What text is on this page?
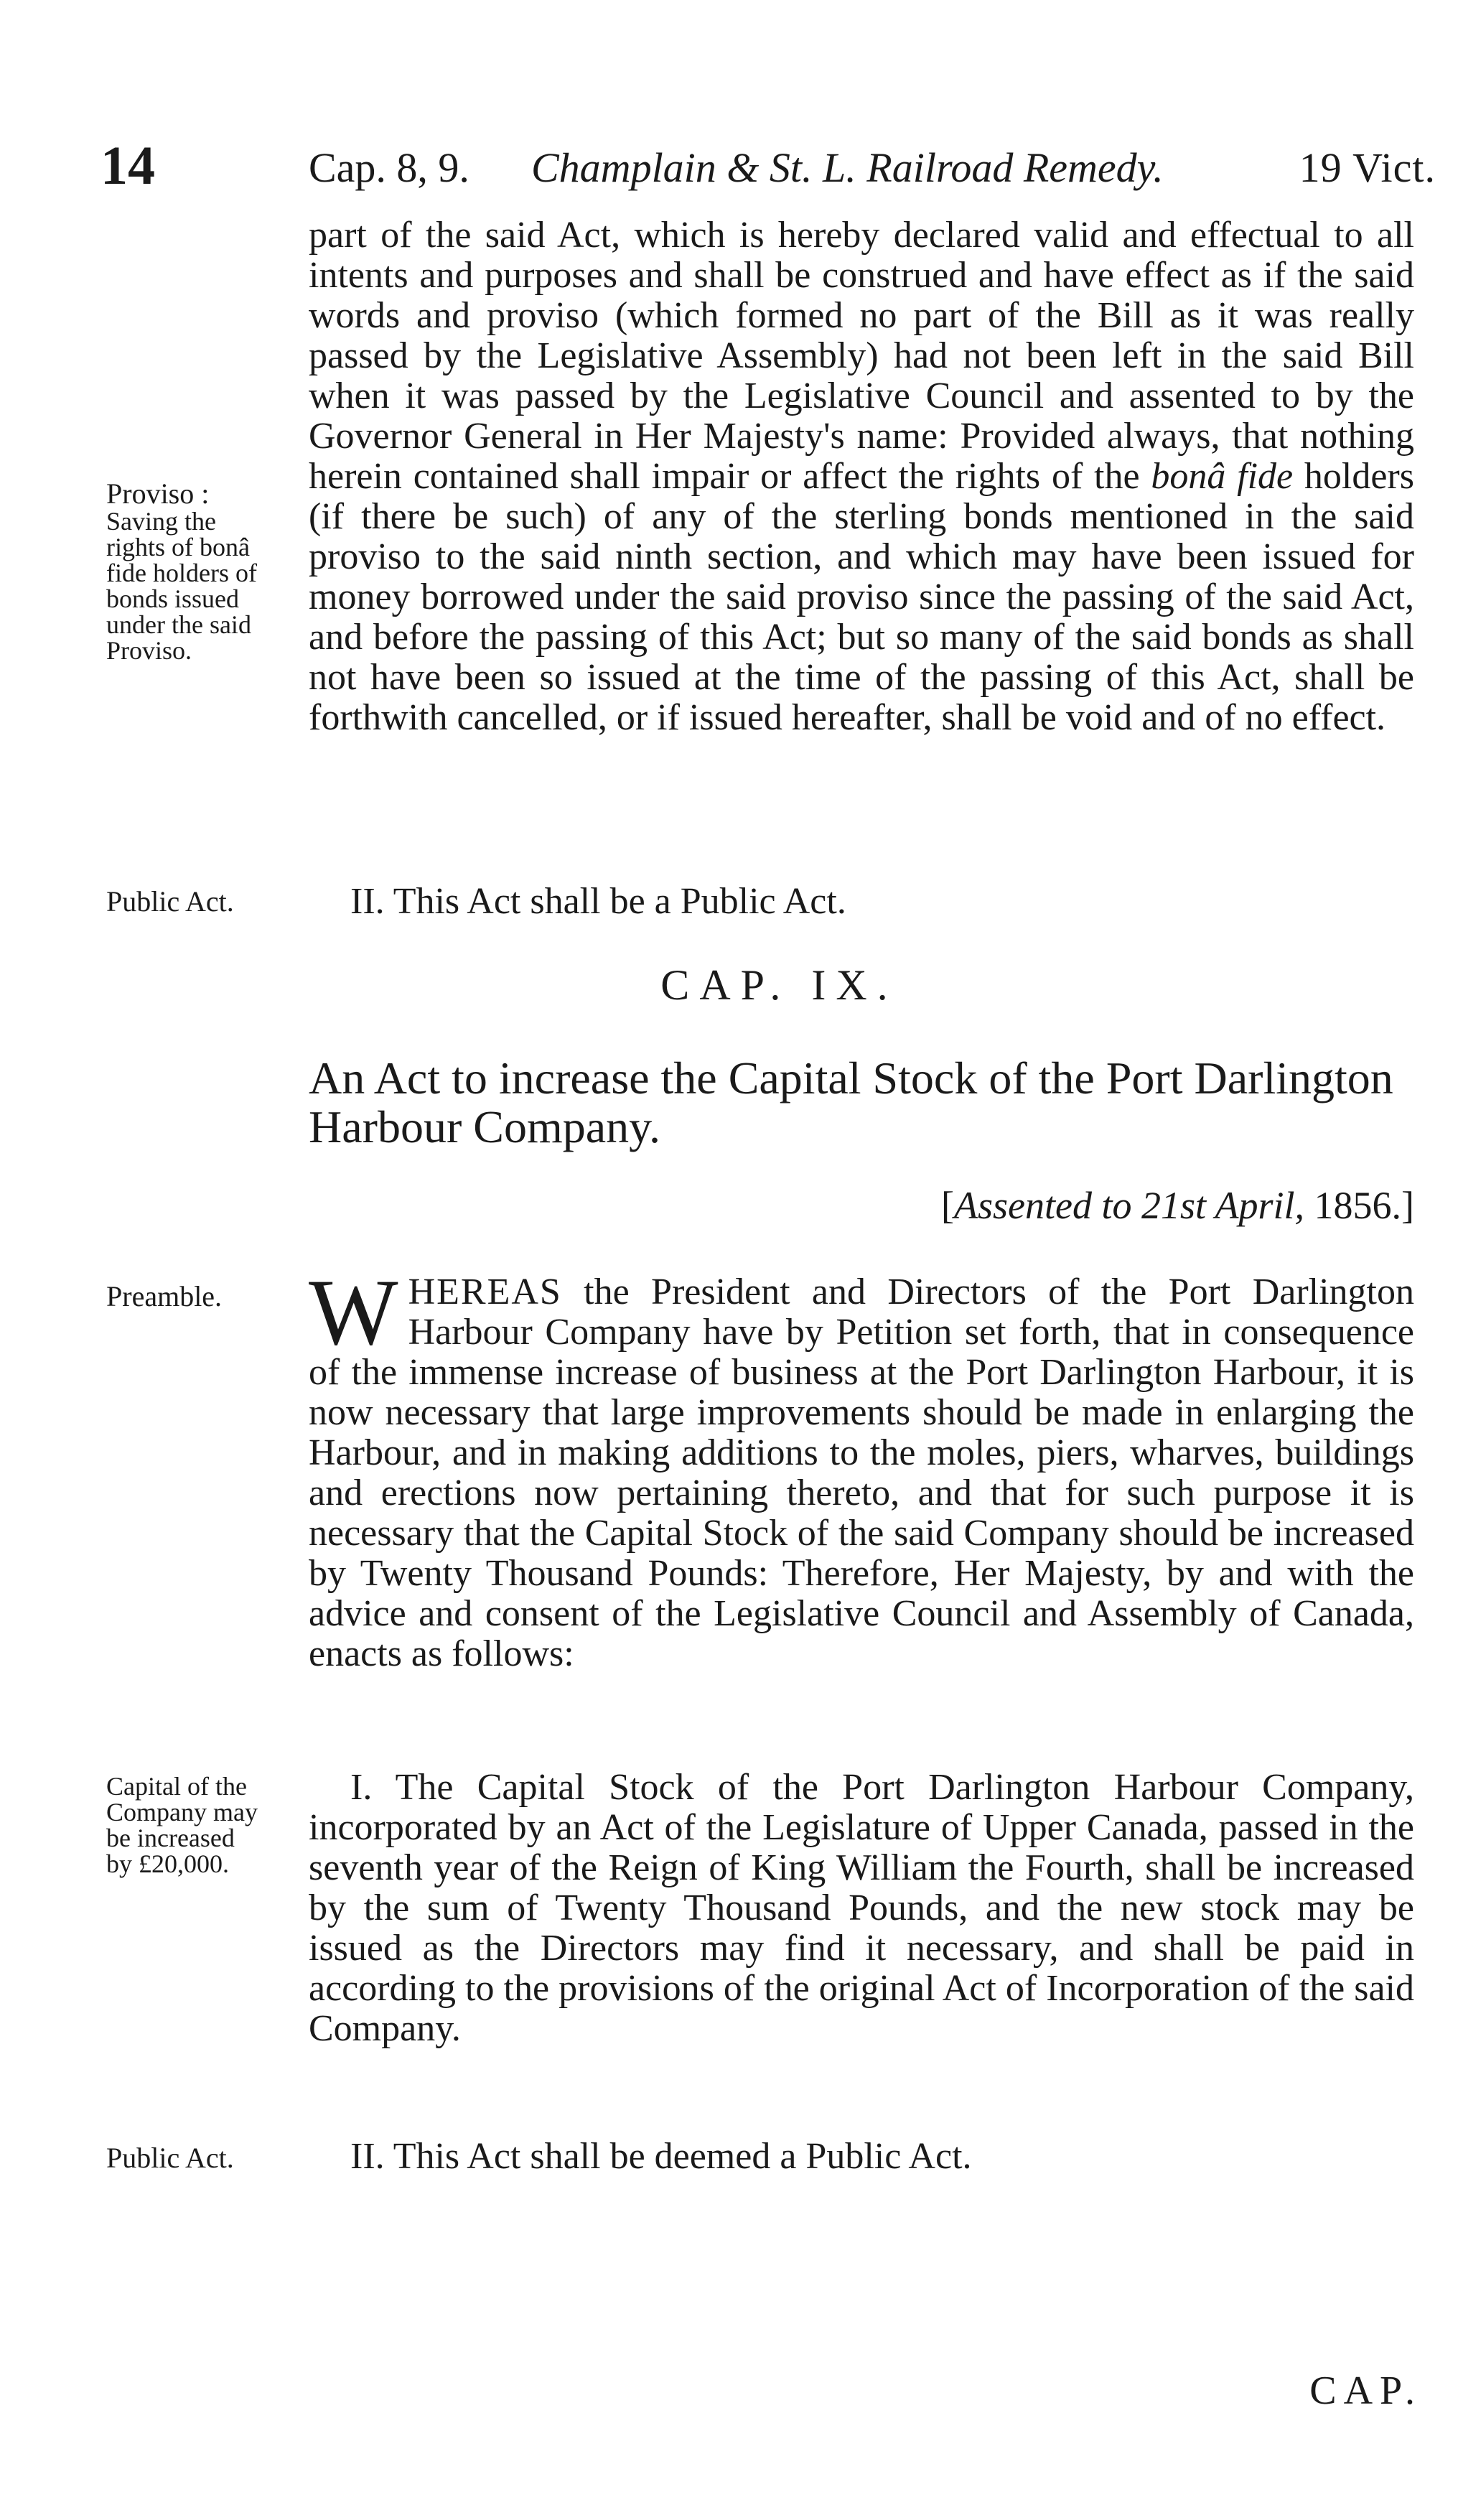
14	Cap. 8, 9. Champlain & St. L. Railroad Remedy.	19 Vict.
part of the said Act, which is hereby declared valid and effectual to all intents and purposes and shall be construed and have effect as if the said words and proviso (which formed no part of the Bill as it was really passed by the Legislative Assembly) had not been left in the said Bill when it was passed by the Legislative Council and assented to by the Governor General in Her Majesty's name: Provided always, that nothing herein contained shall impair or affect the rights of the bonâ fide holders (if there be such) of any of the sterling bonds mentioned in the said proviso to the said ninth section, and which may have been issued for money borrowed under the said proviso since the passing of the said Act, and before the passing of this Act; but so many of the said bonds as shall not have been so issued at the time of the passing of this Act, shall be forthwith cancelled, or if issued hereafter, shall be void and of no effect.
Proviso :
Saving the
rights of bonâ
fide holders of
bonds issued
under the said
Proviso.
Public Act.	II. This Act shall be a Public Act.
CAP. IX.
An Act to increase the Capital Stock of the Port Darlington Harbour Company.
[Assented to 21st April, 1856.]
Preamble. WHEREAS the President and Directors of the Port Darlington Harbour Company have by Petition set forth, that in consequence of the immense increase of business at the Port Darlington Harbour, it is now necessary that large improvements should be made in enlarging the Harbour, and in making additions to the moles, piers, wharves, buildings and erections now pertaining thereto, and that for such purpose it is necessary that the Capital Stock of the said Company should be increased by Twenty Thousand Pounds: Therefore, Her Majesty, by and with the advice and consent of the Legislative Council and Assembly of Canada, enacts as follows:
Capital of the
Company may
be increased
by £20,000.
I. The Capital Stock of the Port Darlington Harbour Company, incorporated by an Act of the Legislature of Upper Canada, passed in the seventh year of the Reign of King William the Fourth, shall be increased by the sum of Twenty Thousand Pounds, and the new stock may be issued as the Directors may find it necessary, and shall be paid in according to the provisions of the original Act of Incorporation of the said Company.
Public Act.	II. This Act shall be deemed a Public Act.
CAP.
